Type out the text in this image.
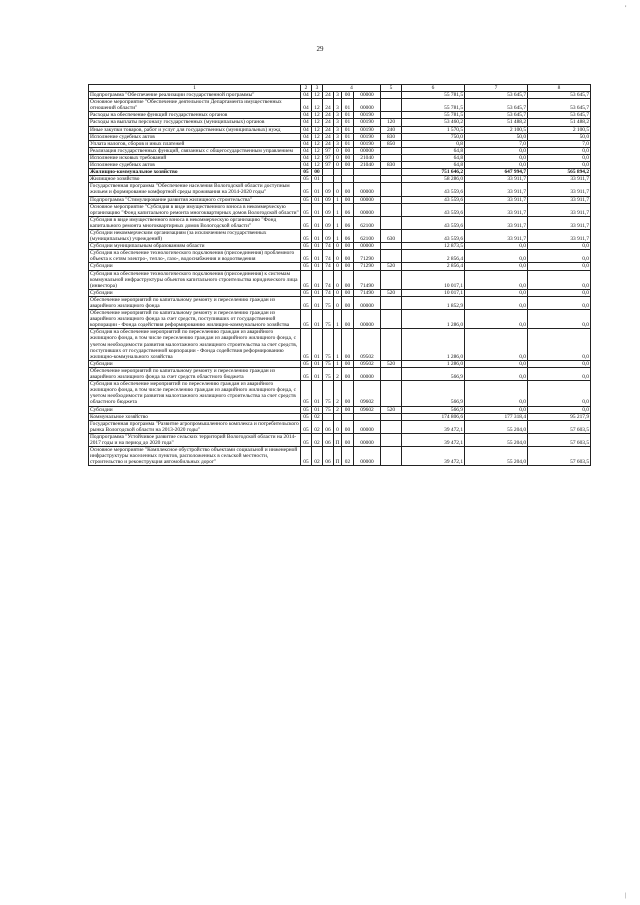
29
1	2	3	4				5	6	7	8
Подпрограмма "Обеспечение реализации государственной программы"	04	12	24	3	00	00000		55 781,5	53 645,7	53 645,7
Основное мероприятие "Обеспечение деятельности Департамента имущественных отношений области"	04	12	24	3	01	00000		55 781,5	53 645,7	53 645,7
Расходы на обеспечение функций государственных органов	04	12	24	3	01	00190		55 781,5	53 645,7	53 645,7
Расходы на выплаты персоналу государственных (муниципальных) органов	04	12	24	3	01	00190	120	53 460,2	51 488,2	51 488,2
Иные закупки товаров, работ и услуг для государственных (муниципальных) нужд	04	12	24	3	01	00190	240	1 570,5	2 100,5	2 100,5
Исполнение судебных актов	04	12	24	3	01	00190	830	750,0	50,0	50,0
Уплата налогов, сборов и иных платежей	04	12	24	3	01	00190	850	0,8	7,0	7,0
Реализация государственных функций, связанных с общегосударственным управлением	04	12	97	0	00	00000		64,8	0,0	0,0
Исполнение исковых требований	04	12	97	0	00	21040		64,8	0,0	0,0
Исполнение судебных актов	04	12	97	0	00	21040	830	64,8	0,0	0,0
Жилищно-коммунальное хозяйство	05	00						751 646,2	647 994,7	565 894,2
Жилищное хозяйство	05	01						58 286,0	33 911,7	33 911,7
Государственная программа "Обеспечение населения Вологодской области доступным жильем и формирование комфортной среды проживания на 2014-2020 годы"	05	01	09	0	00	00000		43 559,6	33 911,7	33 911,7
Подпрограмма "Стимулирование развития жилищного строительства"	05	01	09	1	00	00000		43 559,6	33 911,7	33 911,7
Основное мероприятие "Субсидия в виде имущественного взноса в некоммерческую организацию "Фонд капитального ремонта многоквартирных домов Вологодской области"	05	01	09	1	06	00000		43 559,6	33 911,7	33 911,7
Субсидия в виде имущественного взноса в некоммерческую организацию "Фонд капитального ремонта многоквартирных домов Вологодской области"	05	01	09	1	06	62100		43 559,6	33 911,7	33 911,7
Субсидии некоммерческим организациям (за исключением государственных (муниципальных) учреждений)	05	01	09	1	06	62100	630	43 559,6	33 911,7	33 911,7
Субсидии муниципальным образованиям области	05	01	74	0	00	00000		12 873,5	0,0	0,0
Субсидия на обеспечение технологического подключения (присоединения) проблемного объекта к сетям электро-, тепло-, газо-, водоснабжения и водоотведения	05	01	74	0	00	71290		2 856,4	0,0	0,0
Субсидии	05	01	74	0	00	71290	520	2 856,4	0,0	0,0
Субсидия на обеспечение технологического подключения (присоединения) к системам коммунальной инфраструктуры объектов капитального строительства юридического лица (инвестора)	05	01	74	0	00	71490		10 017,1	0,0	0,0
Субсидии	05	01	74	0	00	71490	520	10 017,1	0,0	0,0
Обеспечение мероприятий по капитальному ремонту и переселению граждан из аварийного жилищного фонда	05	01	75	0	00	00000		1 852,9	0,0	0,0
Обеспечение мероприятий по капитальному ремонту и переселению граждан из аварийного жилищного фонда за счет средств, поступивших от государственной корпорации - Фонда содействия реформированию жилищно-коммунального хозяйства	05	01	75	1	00	00000		1 286,0	0,0	0,0
Субсидия на обеспечение мероприятий по переселению граждан из аварийного жилищного фонда, в том числе переселению граждан из аварийного жилищного фонда, с учетом необходимости развития малоэтажного жилищного строительства за счет средств, поступивших от государственной корпорации - Фонда содействия реформированию жилищно-коммунального хозяйства	05	01	75	1	00	09502		1 286,0	0,0	0,0
Субсидии	05	01	75	1	00	09502	520	1 286,0	0,0	0,0
Обеспечение мероприятий по капитальному ремонту и переселению граждан из аварийного жилищного фонда за счет средств областного бюджета	05	01	75	2	00	00000		566,9	0,0	0,0
Субсидия на обеспечение мероприятий по переселению граждан из аварийного жилищного фонда, в том числе переселению граждан из аварийного жилищного фонда, с учетом необходимости развития малоэтажного жилищного строительства за счет средств областного бюджета	05	01	75	2	00	09602		566,9	0,0	0,0
Субсидии	05	01	75	2	00	09602	520	566,9	0,0	0,0
Коммунальное хозяйство	05	02						174 806,6	177 318,4	95 217,9
Государственная программа "Развитие агропромышленного комплекса и потребительского рынка Вологодской области на 2013-2020 годы"	05	02	06	0	00	00000		39 472,1	55 204,0	57 603,5
Подпрограмма "Устойчивое развитие сельских территорий Вологодской области на 2014-2017 годы и на период до 2020 года"	05	02	06	П	00	00000		39 472,1	55 204,0	57 603,5
Основное мероприятие "Комплексное обустройство объектами социальной и инженерной инфраструктуры населенных пунктов, расположенных в сельской местности, строительство и реконструкция автомобильных дорог"	05	02	06	П	02	00000		39 472,1	55 204,0	57 603,5
,
|
